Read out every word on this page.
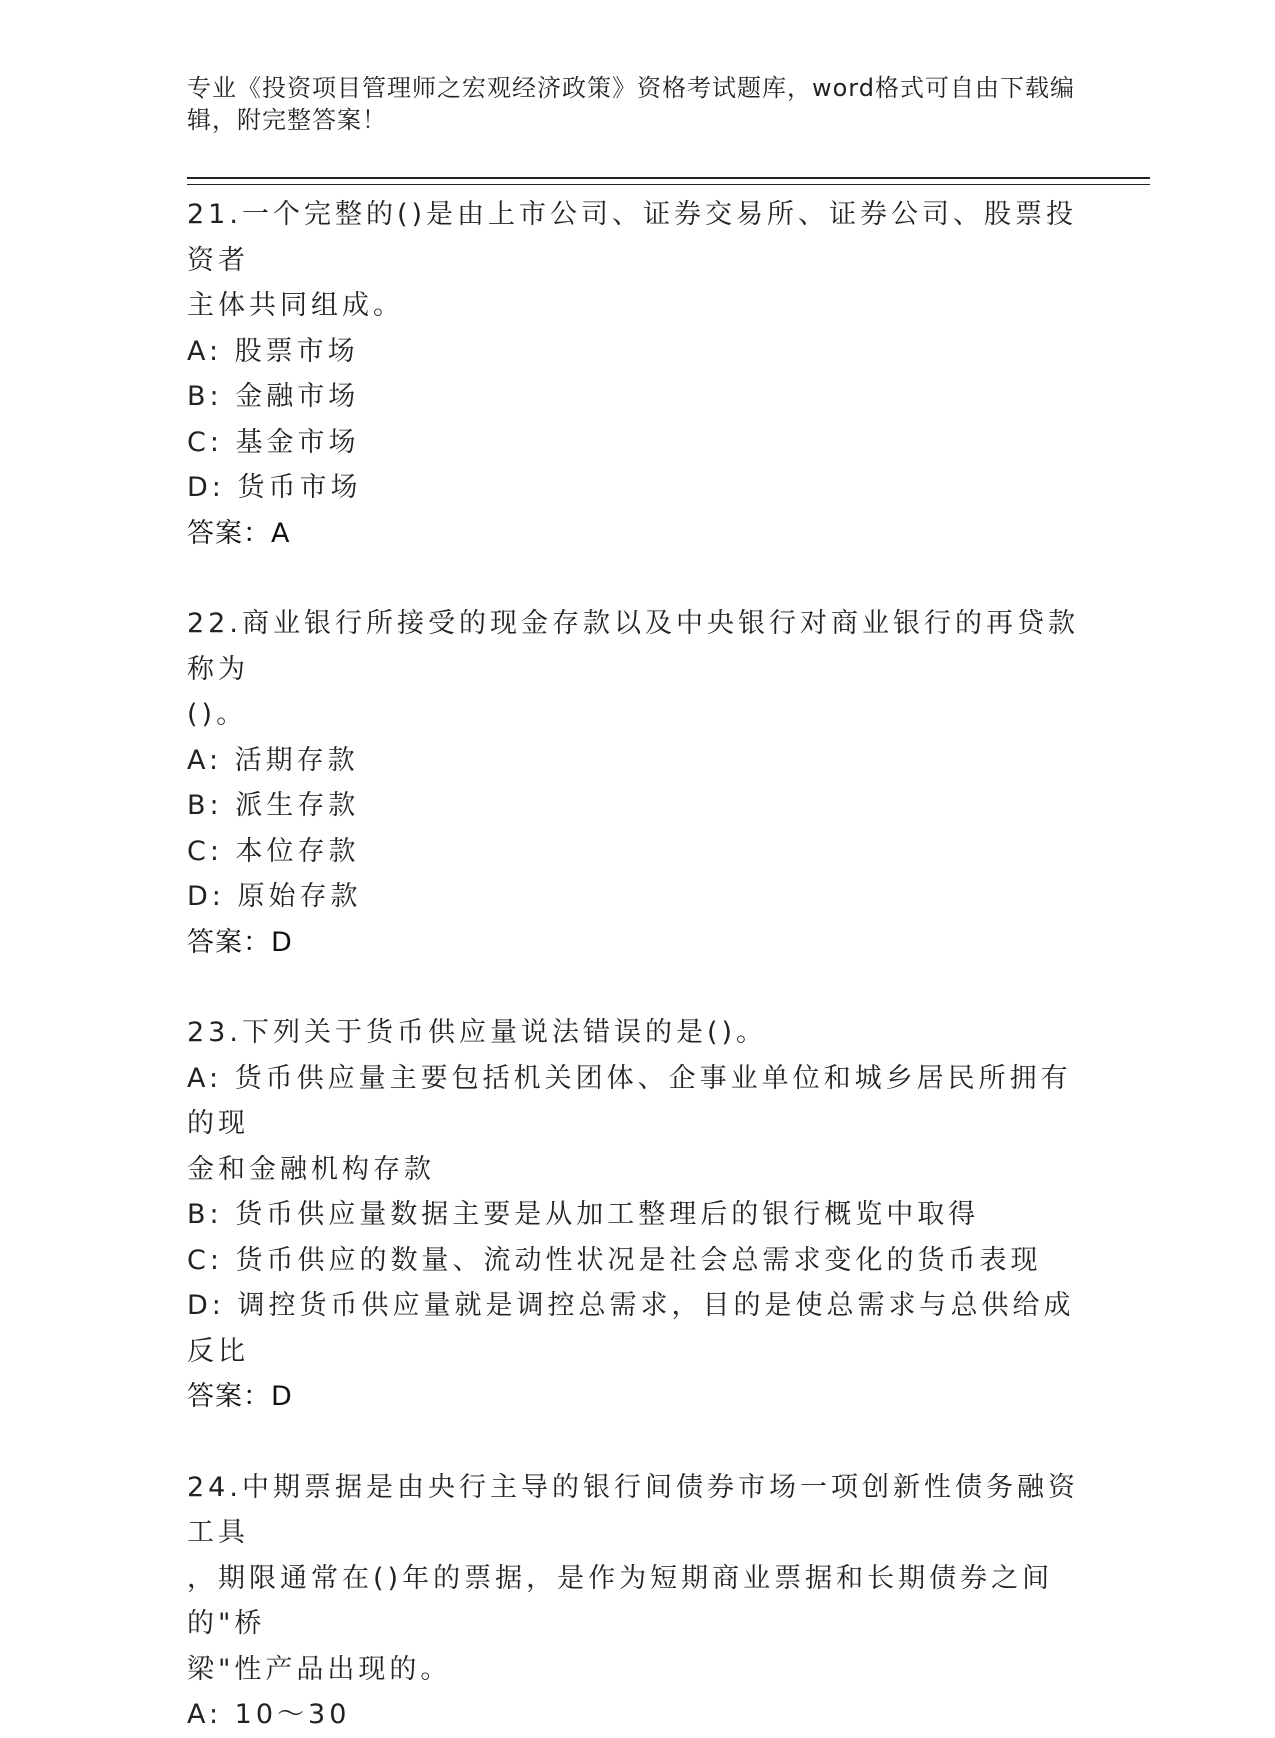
专业《投资项目管理师之宏观经济政策》资格考试题库，word格式可自由下载编
辑，附完整答案！
21.一个完整的()是由上市公司、证券交易所、证券公司、股票投资者
主体共同组成。
A: 股票市场
B: 金融市场
C: 基金市场
D: 货币市场
答案：A
22.商业银行所接受的现金存款以及中央银行对商业银行的再贷款称为
()。
A: 活期存款
B: 派生存款
C: 本位存款
D: 原始存款
答案：D
23.下列关于货币供应量说法错误的是()。
A: 货币供应量主要包括机关团体、企事业单位和城乡居民所拥有的现
金和金融机构存款
B: 货币供应量数据主要是从加工整理后的银行概览中取得
C: 货币供应的数量、流动性状况是社会总需求变化的货币表现
D: 调控货币供应量就是调控总需求，目的是使总需求与总供给成反比
答案：D
24.中期票据是由央行主导的银行间债券市场一项创新性债务融资工具
，期限通常在()年的票据，是作为短期商业票据和长期债券之间的"桥
梁"性产品出现的。
A: 10～30
